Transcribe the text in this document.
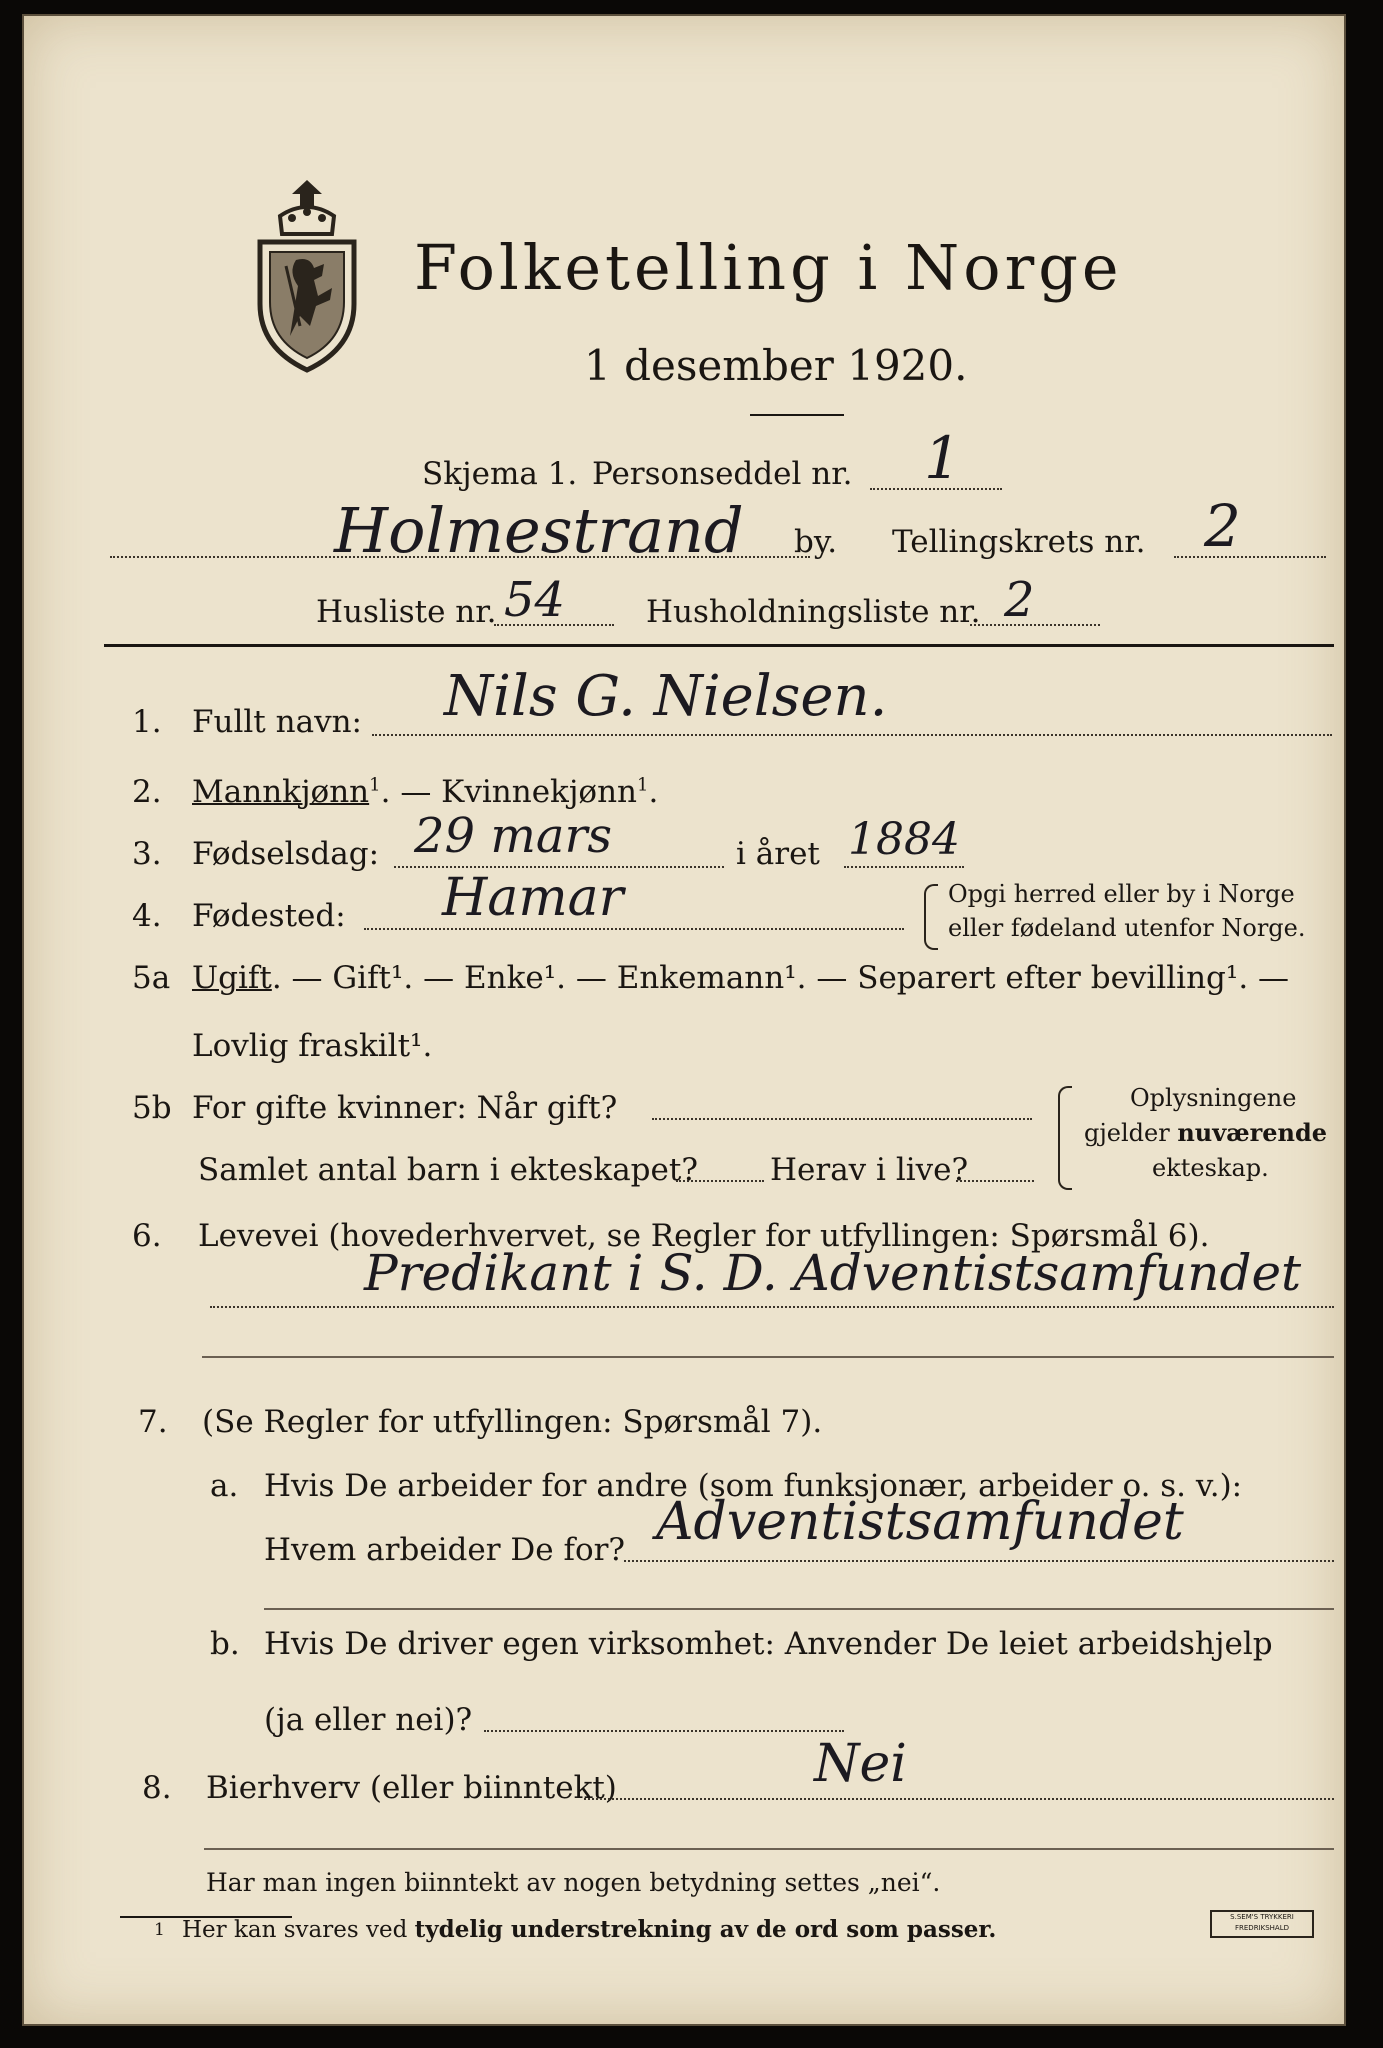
Folketelling i Norge
1 desember 1920.
Skjema 1. Personseddel nr. 1
Holmestrand by. Tellingskrets nr. 2
Husliste nr. 54	Husholdningsliste nr. 2
1. Fullt navn: Nils G. Nielsen.
2. Mannkjønn$^1$. — Kvinnekjønn$^1$.
3. Fødselsdag: 29 mars	i året 1884
4. Fødested: Hamar	Opgi herred eller by i Norge
eller fødeland utenfor Norge.
5a Ugift. — Gift¹. — Enke¹. — Enkemann¹. — Separert efter bevilling¹. —
Lovlig fraskilt¹.
5b For gifte kvinner: Når gift?
Samlet antal barn i ekteskapet? Herav i live?
Oplysningene
gjelder nuværende
ekteskap.
6. Levevei (hovederhvervet, se Regler for utfyllingen: Spørsmål 6).
Predikant i S. D. Adventistsamfundet
7. (Se Regler for utfyllingen: Spørsmål 7).
a. Hvis De arbeider for andre (som funksjonær, arbeider o. s. v.):
Hvem arbeider De for? Adventistsamfundet
b. Hvis De driver egen virksomhet: Anvender De leiet arbeidshjelp
(ja eller nei)?
8. Bierhverv (eller biinntekt)	Nei
Har man ingen biinntekt av nogen betydning settes „nei“.
1 Her kan svares ved tydelig understrekning av de ord som passer.	S.SEM'S TRYKKERI
FREDRIKSHALD
